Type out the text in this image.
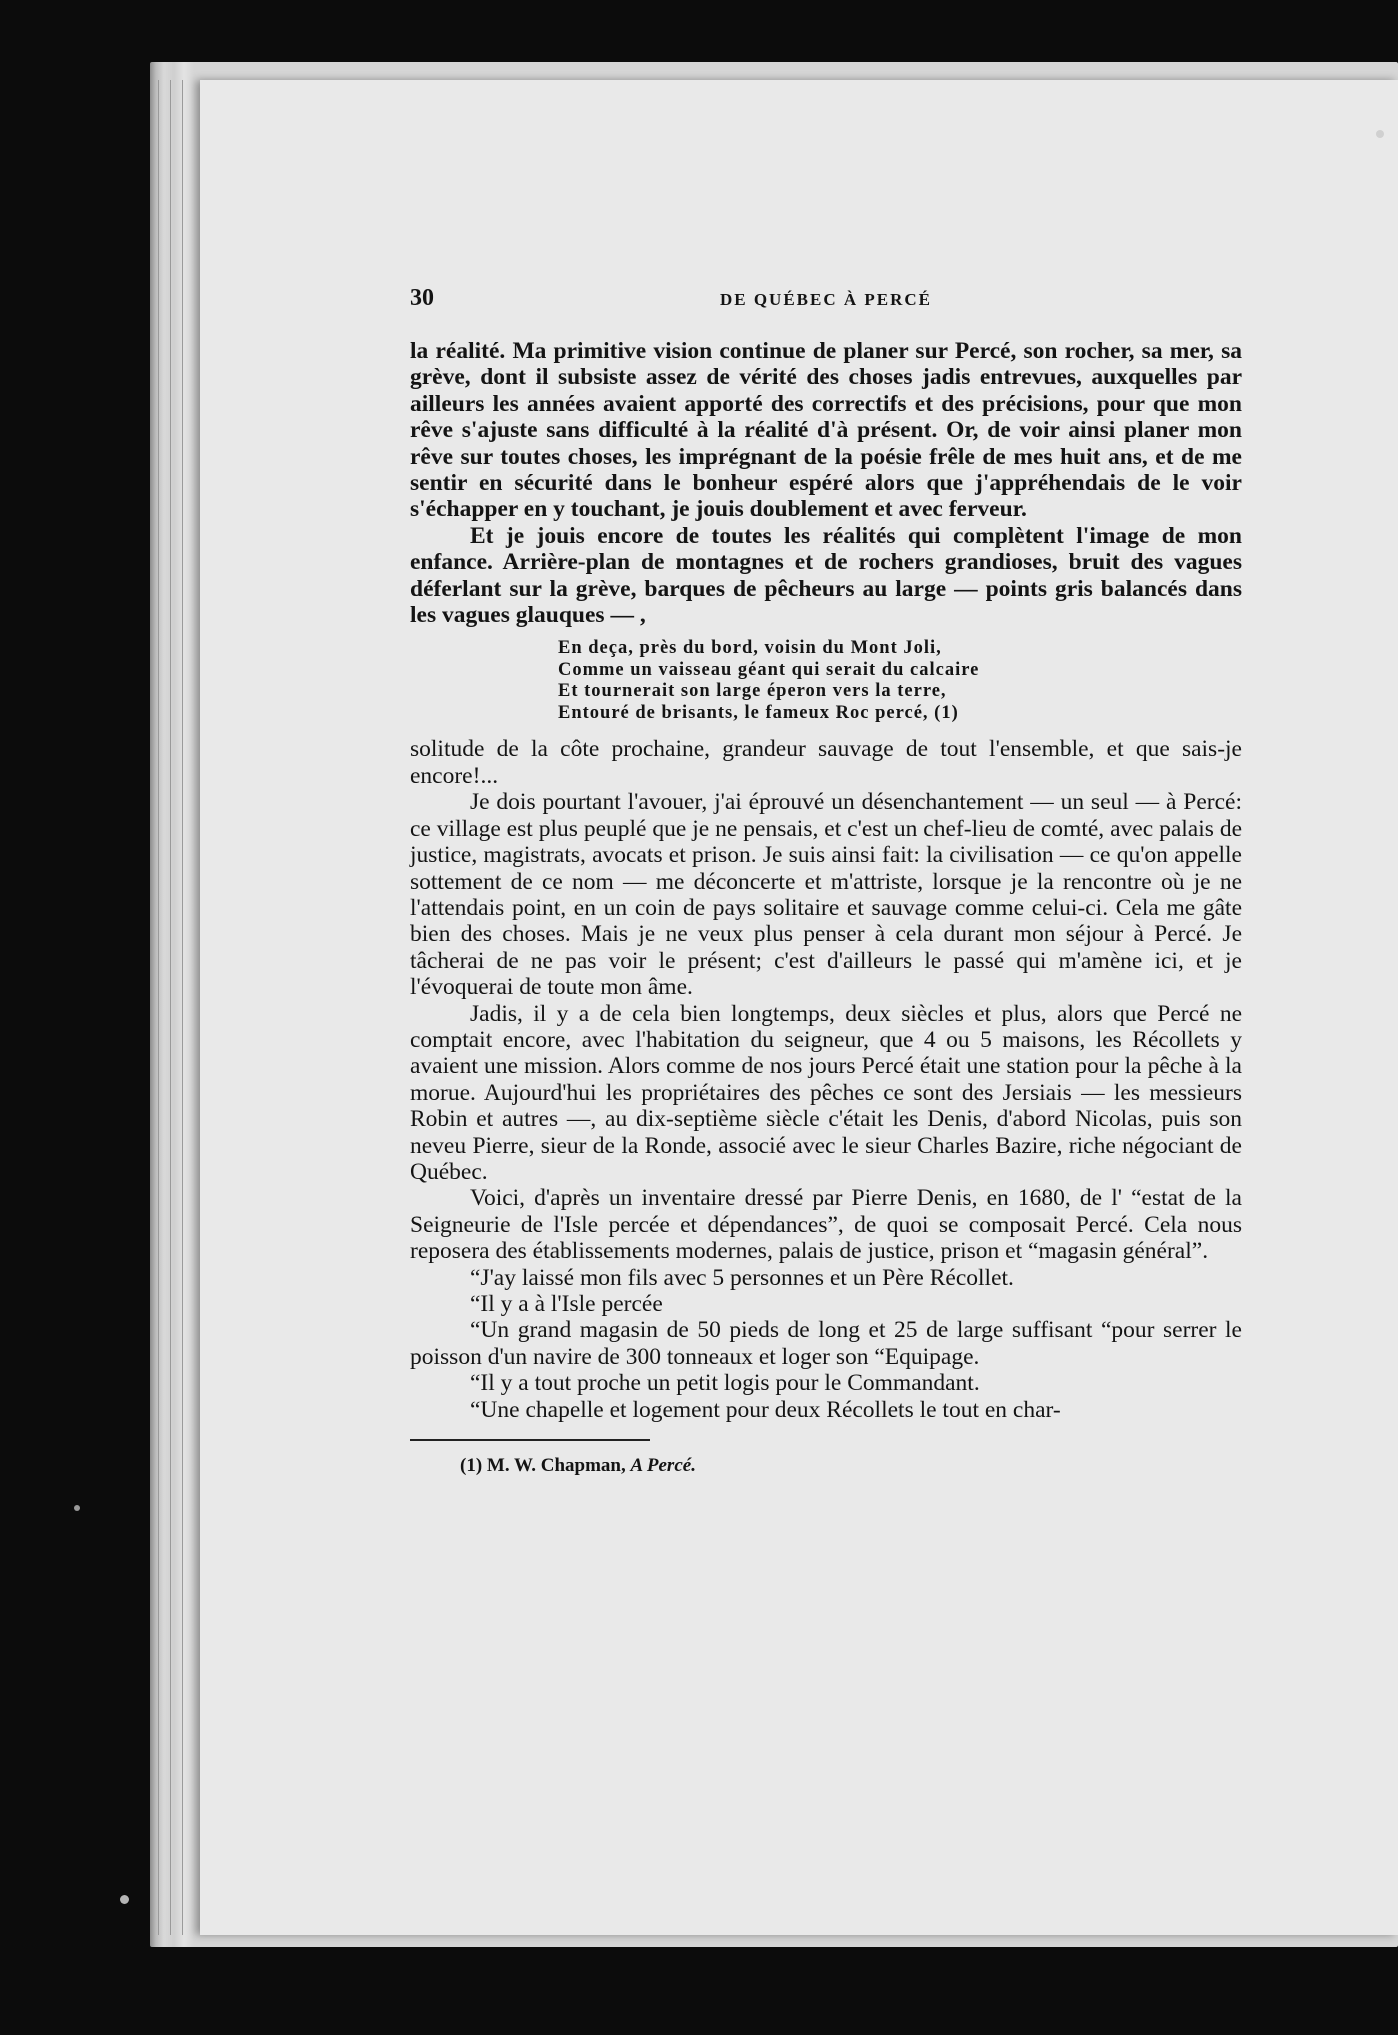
30	DE QUÉBEC À PERCÉ

la réalité. Ma primitive vision continue de planer sur Percé, son rocher, sa mer, sa grève, dont il subsiste assez de vérité des choses jadis entrevues, auxquelles par ailleurs les années avaient apporté des correctifs et des précisions, pour que mon rêve s'ajuste sans difficulté à la réalité d'à présent. Or, de voir ainsi planer mon rêve sur toutes choses, les imprégnant de la poésie frêle de mes huit ans, et de me sentir en sécurité dans le bonheur espéré alors que j'appréhendais de le voir s'échapper en y touchant, je jouis doublement et avec ferveur.

Et je jouis encore de toutes les réalités qui complètent l'image de mon enfance. Arrière-plan de montagnes et de rochers grandioses, bruit des vagues déferlant sur la grève, barques de pêcheurs au large — points gris balancés dans les vagues glauques — ,

En deça, près du bord, voisin du Mont Joli,
Comme un vaisseau géant qui serait du calcaire
Et tournerait son large éperon vers la terre,
Entouré de brisants, le fameux Roc percé, (1)

solitude de la côte prochaine, grandeur sauvage de tout l'ensemble, et que sais-je encore!...

Je dois pourtant l'avouer, j'ai éprouvé un désenchantement — un seul — à Percé: ce village est plus peuplé que je ne pensais, et c'est un chef-lieu de comté, avec palais de justice, magistrats, avocats et prison. Je suis ainsi fait: la civilisation — ce qu'on appelle sottement de ce nom — me déconcerte et m'attriste, lorsque je la rencontre où je ne l'attendais point, en un coin de pays solitaire et sauvage comme celui-ci. Cela me gâte bien des choses. Mais je ne veux plus penser à cela durant mon séjour à Percé. Je tâcherai de ne pas voir le présent; c'est d'ailleurs le passé qui m'amène ici, et je l'évoquerai de toute mon âme.

Jadis, il y a de cela bien longtemps, deux siècles et plus, alors que Percé ne comptait encore, avec l'habitation du seigneur, que 4 ou 5 maisons, les Récollets y avaient une mission. Alors comme de nos jours Percé était une station pour la pêche à la morue. Aujourd'hui les propriétaires des pêches ce sont des Jersiais — les messieurs Robin et autres —, au dix-septième siècle c'était les Denis, d'abord Nicolas, puis son neveu Pierre, sieur de la Ronde, associé avec le sieur Charles Bazire, riche négociant de Québec.

Voici, d'après un inventaire dressé par Pierre Denis, en 1680, de l' “estat de la Seigneurie de l'Isle percée et dépendances”, de quoi se composait Percé. Cela nous reposera des établissements modernes, palais de justice, prison et “magasin général”.

“J'ay laissé mon fils avec 5 personnes et un Père Récollet.

“Il y a à l'Isle percée

“Un grand magasin de 50 pieds de long et 25 de large suffisant “pour serrer le poisson d'un navire de 300 tonneaux et loger son “Equipage.

“Il y a tout proche un petit logis pour le Commandant.

“Une chapelle et logement pour deux Récollets le tout en char-

(1) M. W. Chapman, A Percé.
